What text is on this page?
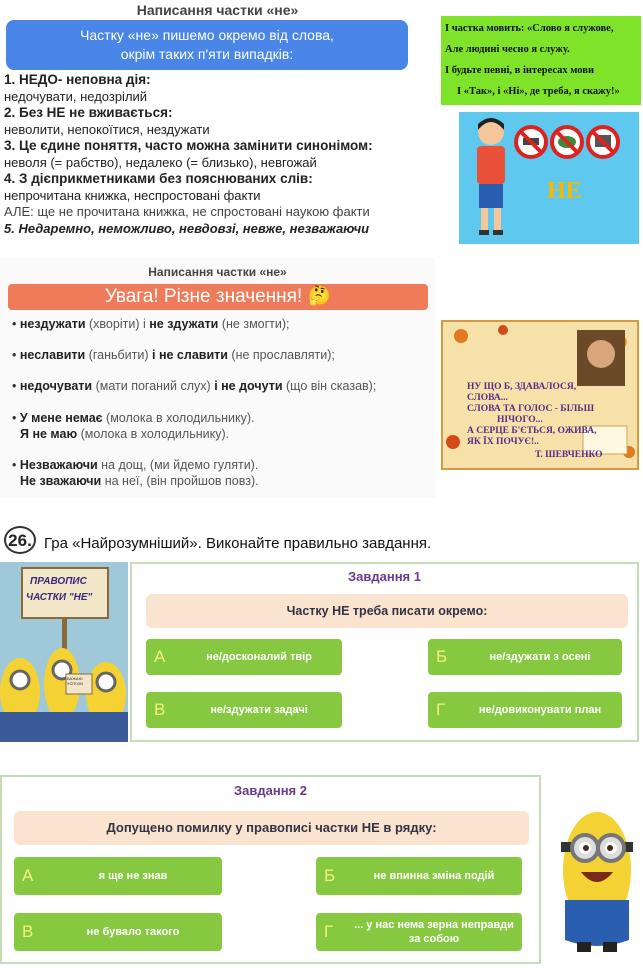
Написання частки «не»
Частку «не» пишемо окремо від слова,
окрім таких п'яти випадків:
1. НЕДО- неповна дія:
недочувати, недозрілий
2. Без НЕ не вживається:
неволити, непокоїтися, нездужати
3. Це єдине поняття, часто можна замінити синонімом:
неволя (= рабство), недалеко (= близько), невгожай
4. З дієприкметниками без пояснюваних слів:
непрочитана книжка, неспростовані факти
АЛЕ: ще не прочитана книжка, не спростовані наукою факти
5. Недаремно, неможливо, невдовзі, невже, незважаючи
І частка мовить: «Слово я служове,
Але людині чесно я служу.
І будьте певні, в інтересах мови
І «Так», і «Ні», де треба, я скажу!»
НЕ
Написання частки «не»
Увага! Різне значення! 🤔
• нездужати (хворіти) і не здужати (не змогти);
• неславити (ганьбити) і не славити (не прославляти);
• недочувати (мати поганий слух) і не дочути (що він сказав);
• У мене немає (молока в холодильнику).
Я не маю (молока в холодильнику).
• Незважаючи на дощ, (ми йдемо гуляти).
Не зважаючи на неї, (він пройшов повз).
НУ ЩО Б, ЗДАВАЛОСЯ,
СЛОВА...
СЛОВА ТА ГОЛОС - БІЛЬШ
НІЧОГО...
А СЕРЦЕ Б'ЄТЬСЯ, ОЖИВА,
ЯК ЇХ ПОЧУЄ!..
Т. ШЕВЧЕНКО
26. Гра «Найрозумніший». Виконайте правильно завдання.
ПРАВОПИС
ЧАСТКИ "НЕ"
БАЖАЮ УСПІХІВ
Завдання 1
Частку НЕ треба писати окремо:
А	не/досконалий твір	Б	не/здужати з осені
В	не/здужати задачі	Г	не/довиконувати план
Завдання 2
Допущено помилку у правописі частки НЕ в рядку:
А	я ще не знав	Б	не впинна зміна подій
В	не бувало такого	Г ... у нас нема зерна неправди за собою
